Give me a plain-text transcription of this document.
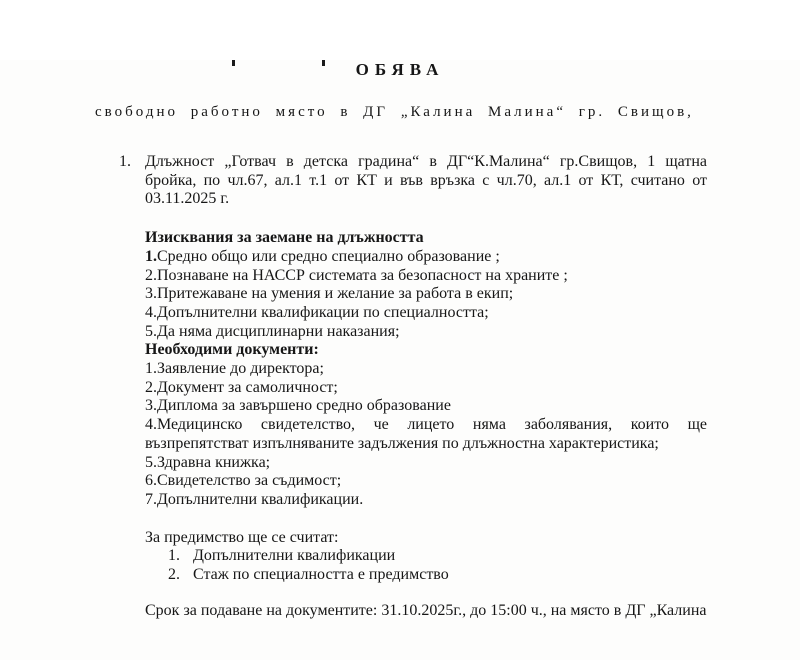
ОБЯВА

свободно работно място в ДГ „Калина Малина“ гр. Свищов,

1. Длъжност „Готвач в детска градина“ в ДГ“К.Малина“ гр.Свищов, 1 щатна бройка, по чл.67, ал.1 т.1 от КТ и във връзка с чл.70, ал.1 от КТ, считано от 03.11.2025 г.
Изисквания за заемане на длъжността
1.Средно общо или средно специално образование ;
2.Познаване на НАССР системата за безопасност на храните ;
3.Притежаване на умения и желание за работа в екип;
4.Допълнителни квалификации по специалността;
5.Да няма дисциплинарни наказания;
Необходими документи:
1.Заявление до директора;
2.Документ за самоличност;
3.Диплома за завършено средно образование
4.Медицинско свидетелство, че лицето няма заболявания, които ще възпрепятстват изпълняваните задължения по длъжностна характеристика;
5.Здравна книжка;
6.Свидетелство за съдимост;
7.Допълнителни квалификации.
За предимство ще се считат:
1. Допълнителни квалификации
2. Стаж по специалността е предимство
Срок за подаване на документите: 31.10.2025г., до 15:00 ч., на място в ДГ „Калина
